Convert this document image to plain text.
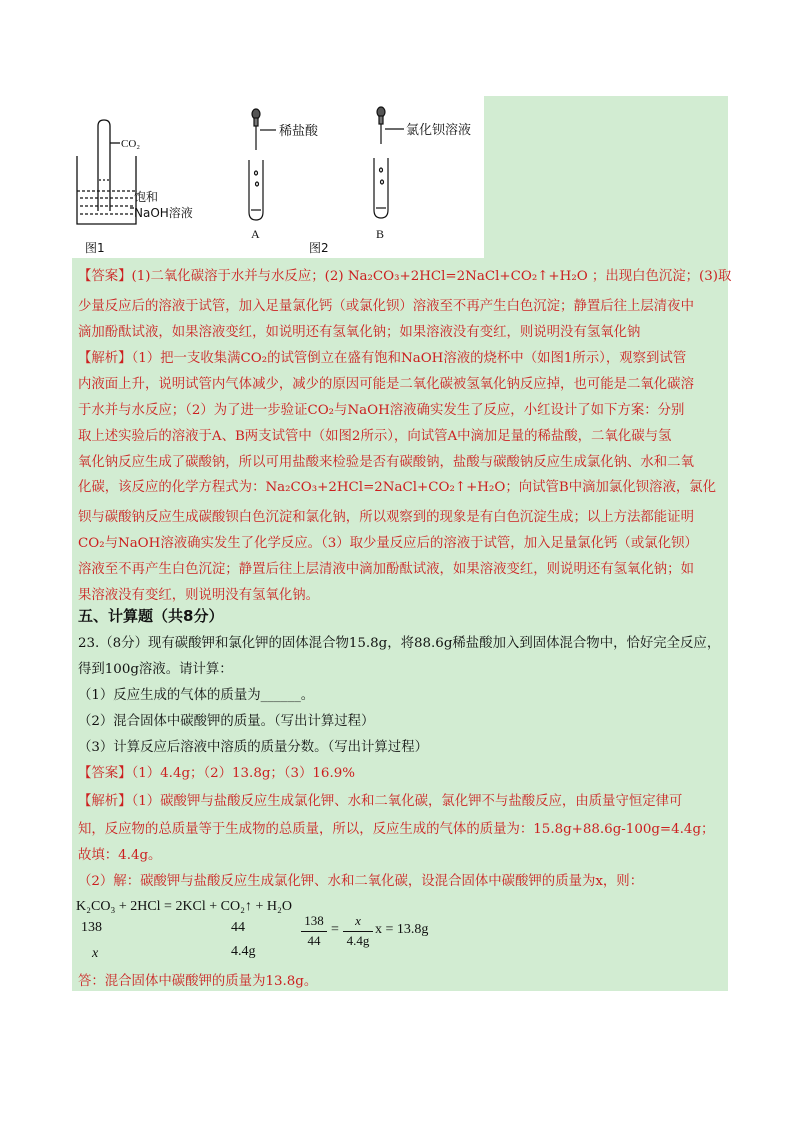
CO₂
饱和
NaOH溶液
图1
稀盐酸
A
图2
氯化钡溶液
B
【答案】(1)二氧化碳溶于水并与水反应；(2) Na₂CO₃+2HCl=2NaCl+CO₂↑+H₂O ；出现白色沉淀；(3)取
少量反应后的溶液于试管，加入足量氯化钙（或氯化钡）溶液至不再产生白色沉淀；静置后往上层清夜中
滴加酚酞试液，如果溶液变红，如说明还有氢氧化钠；如果溶液没有变红，则说明没有氢氧化钠
【解析】（1）把一支收集满CO₂的试管倒立在盛有饱和NaOH溶液的烧杯中（如图1所示），观察到试管
内液面上升，说明试管内气体减少，减少的原因可能是二氧化碳被氢氧化钠反应掉，也可能是二氧化碳溶
于水并与水反应；（2）为了进一步验证CO₂与NaOH溶液确实发生了反应，小红设计了如下方案：分别
取上述实验后的溶液于A、B两支试管中（如图2所示），向试管A中滴加足量的稀盐酸，二氧化碳与氢
氧化钠反应生成了碳酸钠，所以可用盐酸来检验是否有碳酸钠，盐酸与碳酸钠反应生成氯化钠、水和二氧
化碳，该反应的化学方程式为：Na₂CO₃+2HCl=2NaCl+CO₂↑+H₂O；向试管B中滴加氯化钡溶液，氯化
钡与碳酸钠反应生成碳酸钡白色沉淀和氯化钠，所以观察到的现象是有白色沉淀生成；以上方法都能证明
CO₂与NaOH溶液确实发生了化学反应。（3）取少量反应后的溶液于试管，加入足量氯化钙（或氯化钡）
溶液至不再产生白色沉淀；静置后往上层清液中滴加酚酞试液，如果溶液变红，则说明还有氢氧化钠；如
果溶液没有变红，则说明没有氢氧化钠。
五、计算题（共8分）
23.（8分）现有碳酸钾和氯化钾的固体混合物15.8g，将88.6g稀盐酸加入到固体混合物中，恰好完全反应，
得到100g溶液。请计算：
（1）反应生成的气体的质量为______。
（2）混合固体中碳酸钾的质量。（写出计算过程）
（3）计算反应后溶液中溶质的质量分数。（写出计算过程）
【答案】（1）4.4g；（2）13.8g；（3）16.9%
【解析】（1）碳酸钾与盐酸反应生成氯化钾、水和二氧化碳，氯化钾不与盐酸反应，由质量守恒定律可
知，反应物的总质量等于生成物的总质量，所以，反应生成的气体的质量为：15.8g+88.6g-100g=4.4g；
故填：4.4g。
（2）解：碳酸钾与盐酸反应生成氯化钾、水和二氧化碳，设混合固体中碳酸钾的质量为x，则：
K₂CO₃ + 2HCl = 2KCl + CO₂↑ + H₂O
138	44
x
138
44
=
x
4.4g
x = 13.8g
答：混合固体中碳酸钾的质量为13.8g。
4.4g
